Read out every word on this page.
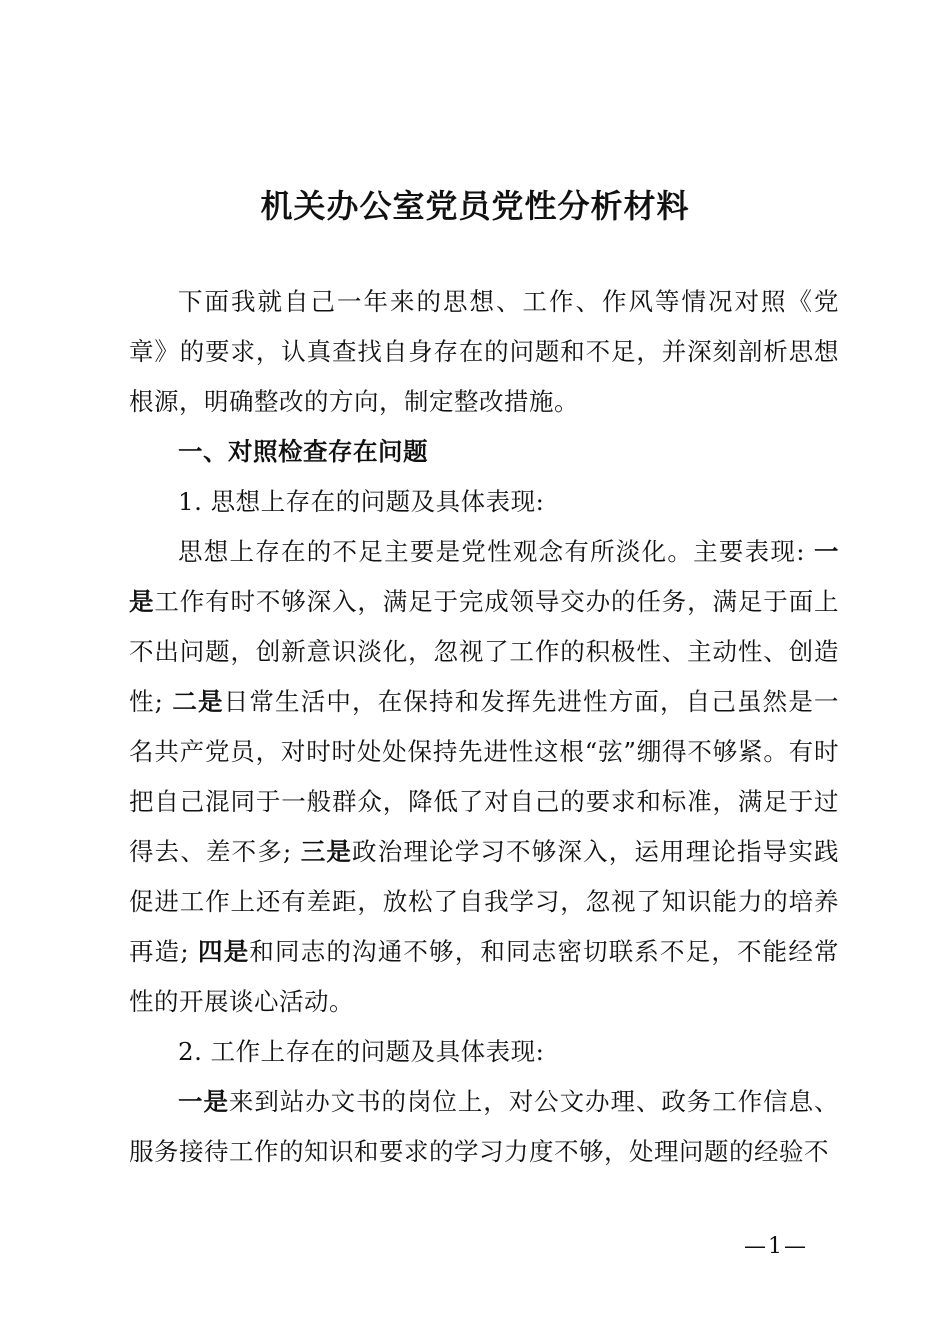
机关办公室党员党性分析材料

下面我就自己一年来的思想、工作、作风等情况对照《党章》的要求，认真查找自身存在的问题和不足，并深刻剖析思想根源，明确整改的方向，制定整改措施。

一、对照检查存在问题

1. 思想上存在的问题及具体表现:

思想上存在的不足主要是党性观念有所淡化。主要表现: 一是工作有时不够深入，满足于完成领导交办的任务，满足于面上不出问题，创新意识淡化，忽视了工作的积极性、主动性、创造性; 二是日常生活中，在保持和发挥先进性方面，自己虽然是一名共产党员，对时时处处保持先进性这根“弦”绷得不够紧。有时把自己混同于一般群众，降低了对自己的要求和标准，满足于过得去、差不多; 三是政治理论学习不够深入，运用理论指导实践促进工作上还有差距，放松了自我学习，忽视了知识能力的培养再造; 四是和同志的沟通不够，和同志密切联系不足，不能经常性的开展谈心活动。

2. 工作上存在的问题及具体表现:

一是来到站办文书的岗位上，对公文办理、政务工作信息、服务接待工作的知识和要求的学习力度不够，处理问题的经验不

—1—
